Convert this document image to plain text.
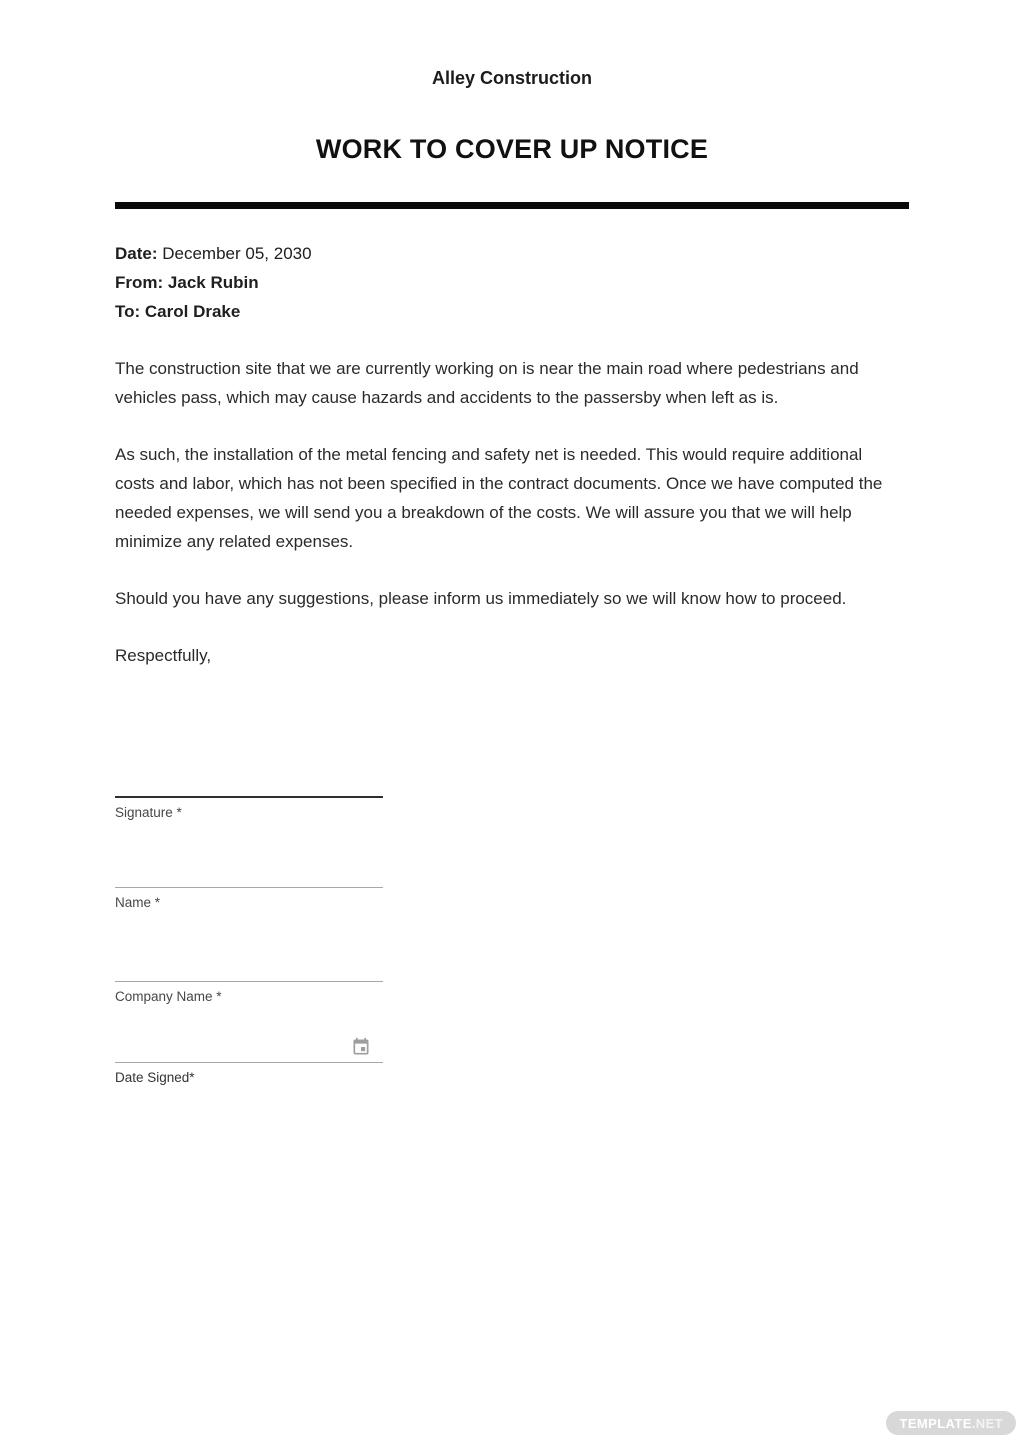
Alley Construction
WORK TO COVER UP NOTICE
Date: December 05, 2030
From: Jack Rubin
To: Carol Drake

The construction site that we are currently working on is near the main road where pedestrians and vehicles pass, which may cause hazards and accidents to the passersby when left as is.

As such, the installation of the metal fencing and safety net is needed. This would require additional costs and labor, which has not been specified in the contract documents. Once we have computed the needed expenses, we will send you a breakdown of the costs. We will assure you that we will help minimize any related expenses.

Should you have any suggestions, please inform us immediately so we will know how to proceed.

Respectfully,

Signature *
Name *
Company Name *
Date Signed*
TEMPLATE .NET
